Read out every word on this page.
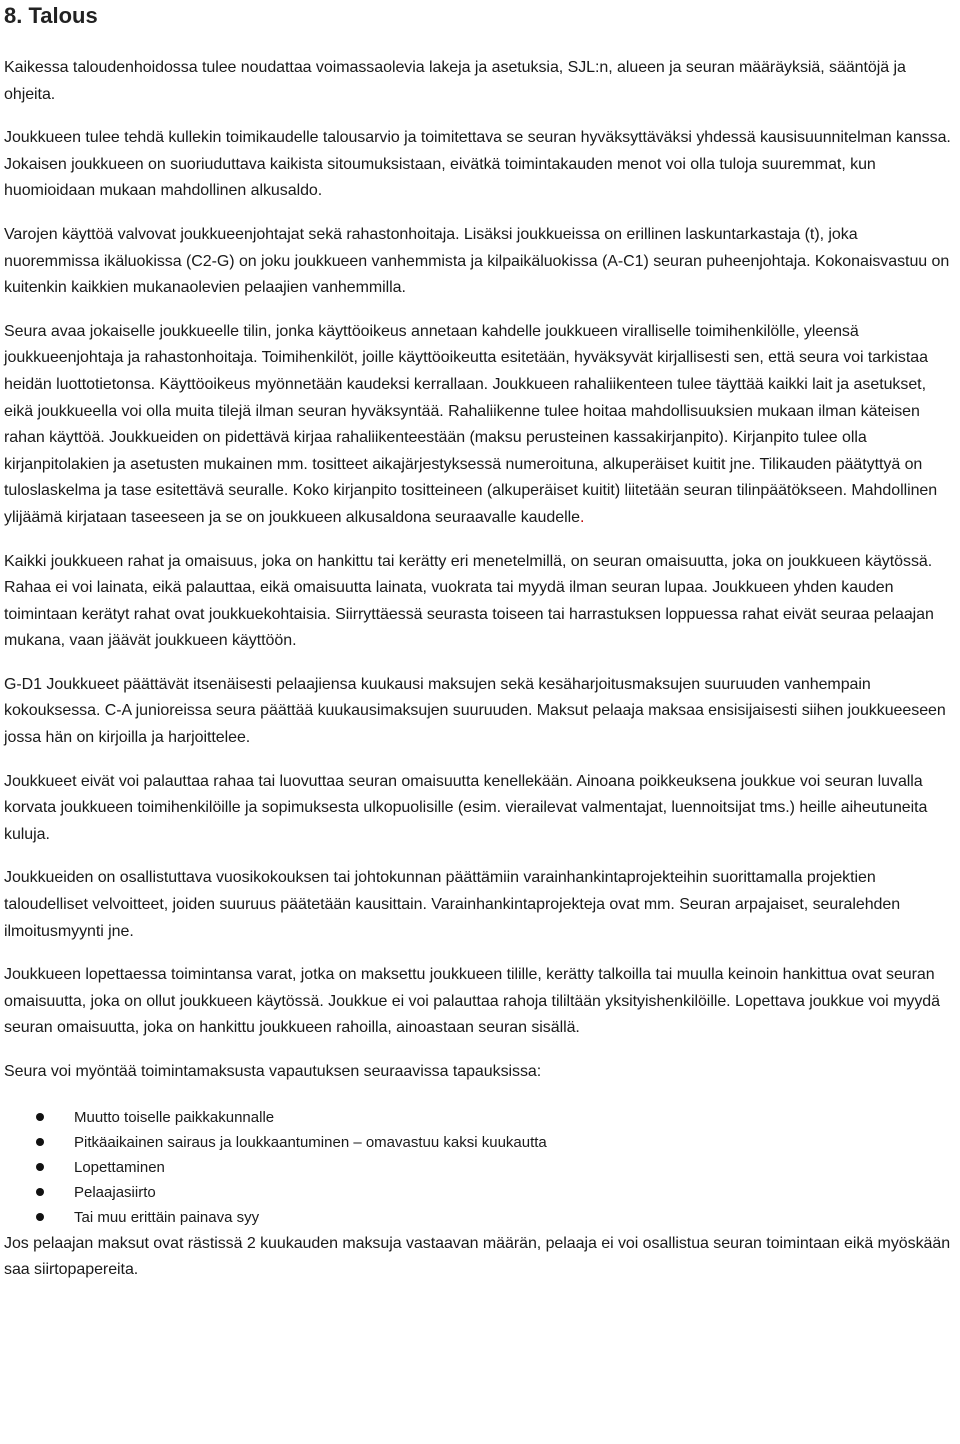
8. Talous

Kaikessa taloudenhoidossa tulee noudattaa voimassaolevia lakeja ja asetuksia, SJL:n, alueen ja seuran määräyksiä, sääntöjä ja ohjeita.

Joukkueen tulee tehdä kullekin toimikaudelle talousarvio ja toimitettava se seuran hyväksyttäväksi yhdessä kausisuunnitelman kanssa. Jokaisen joukkueen on suoriuduttava kaikista sitoumuksistaan, eivätkä toimintakauden menot voi olla tuloja suuremmat, kun huomioidaan mukaan mahdollinen alkusaldo.

Varojen käyttöä valvovat joukkueenjohtajat sekä rahastonhoitaja. Lisäksi joukkueissa on erillinen laskuntarkastaja (t), joka nuoremmissa ikäluokissa (C2-G) on joku joukkueen vanhemmista ja kilpaikäluokissa (A-C1) seuran puheenjohtaja. Kokonaisvastuu on kuitenkin kaikkien mukanaolevien pelaajien vanhemmilla.

Seura avaa jokaiselle joukkueelle tilin, jonka käyttöoikeus annetaan kahdelle joukkueen viralliselle toimihenkilölle, yleensä joukkueenjohtaja ja rahastonhoitaja. Toimihenkilöt, joille käyttöoikeutta esitetään, hyväksyvät kirjallisesti sen, että seura voi tarkistaa heidän luottotietonsa. Käyttöoikeus myönnetään kaudeksi kerrallaan. Joukkueen rahaliikenteen tulee täyttää kaikki lait ja asetukset, eikä joukkueella voi olla muita tilejä ilman seuran hyväksyntää. Rahaliikenne tulee hoitaa mahdollisuuksien mukaan ilman käteisen rahan käyttöä. Joukkueiden on pidettävä kirjaa rahaliikenteestään (maksu perusteinen kassakirjanpito). Kirjanpito tulee olla kirjanpitolakien ja asetusten mukainen mm. tositteet aikajärjestyksessä numeroituna, alkuperäiset kuitit jne. Tilikauden päätyttyä on tuloslaskelma ja tase esitettävä seuralle. Koko kirjanpito tositteineen (alkuperäiset kuitit) liitetään seuran tilinpäätökseen. Mahdollinen ylijäämä kirjataan taseeseen ja se on joukkueen alkusaldona seuraavalle kaudelle.

Kaikki joukkueen rahat ja omaisuus, joka on hankittu tai kerätty eri menetelmillä, on seuran omaisuutta, joka on joukkueen käytössä. Rahaa ei voi lainata, eikä palauttaa, eikä omaisuutta lainata, vuokrata tai myydä ilman seuran lupaa. Joukkueen yhden kauden toimintaan kerätyt rahat ovat joukkuekohtaisia. Siirryttäessä seurasta toiseen tai harrastuksen loppuessa rahat eivät seuraa pelaajan mukana, vaan jäävät joukkueen käyttöön.

G-D1 Joukkueet päättävät itsenäisesti pelaajiensa kuukausi maksujen sekä kesäharjoitusmaksujen suuruuden vanhempain kokouksessa. C-A junioreissa seura päättää kuukausimaksujen suuruuden. Maksut pelaaja maksaa ensisijaisesti siihen joukkueeseen jossa hän on kirjoilla ja harjoittelee.

Joukkueet eivät voi palauttaa rahaa tai luovuttaa seuran omaisuutta kenellekään. Ainoana poikkeuksena joukkue voi seuran luvalla korvata joukkueen toimihenkilöille ja sopimuksesta ulkopuolisille (esim. vierailevat valmentajat, luennoitsijat tms.) heille aiheutuneita kuluja.

Joukkueiden on osallistuttava vuosikokouksen tai johtokunnan päättämiin varainhankintaprojekteihin suorittamalla projektien taloudelliset velvoitteet, joiden suuruus päätetään kausittain. Varainhankintaprojekteja ovat mm. Seuran arpajaiset, seuralehden ilmoitusmyynti jne.

Joukkueen lopettaessa toimintansa varat, jotka on maksettu joukkueen tilille, kerätty talkoilla tai muulla keinoin hankittua ovat seuran omaisuutta, joka on ollut joukkueen käytössä. Joukkue ei voi palauttaa rahoja tililtään yksityishenkilöille. Lopettava joukkue voi myydä seuran omaisuutta, joka on hankittu joukkueen rahoilla, ainoastaan seuran sisällä.

Seura voi myöntää toimintamaksusta vapautuksen seuraavissa tapauksissa:

Muutto toiselle paikkakunnalle
Pitkäaikainen sairaus ja loukkaantuminen – omavastuu kaksi kuukautta
Lopettaminen
Pelaajasiirto
Tai muu erittäin painava syy

Jos pelaajan maksut ovat rästissä 2 kuukauden maksuja vastaavan määrän, pelaaja ei voi osallistua seuran toimintaan eikä myöskään saa siirtopapereita.
